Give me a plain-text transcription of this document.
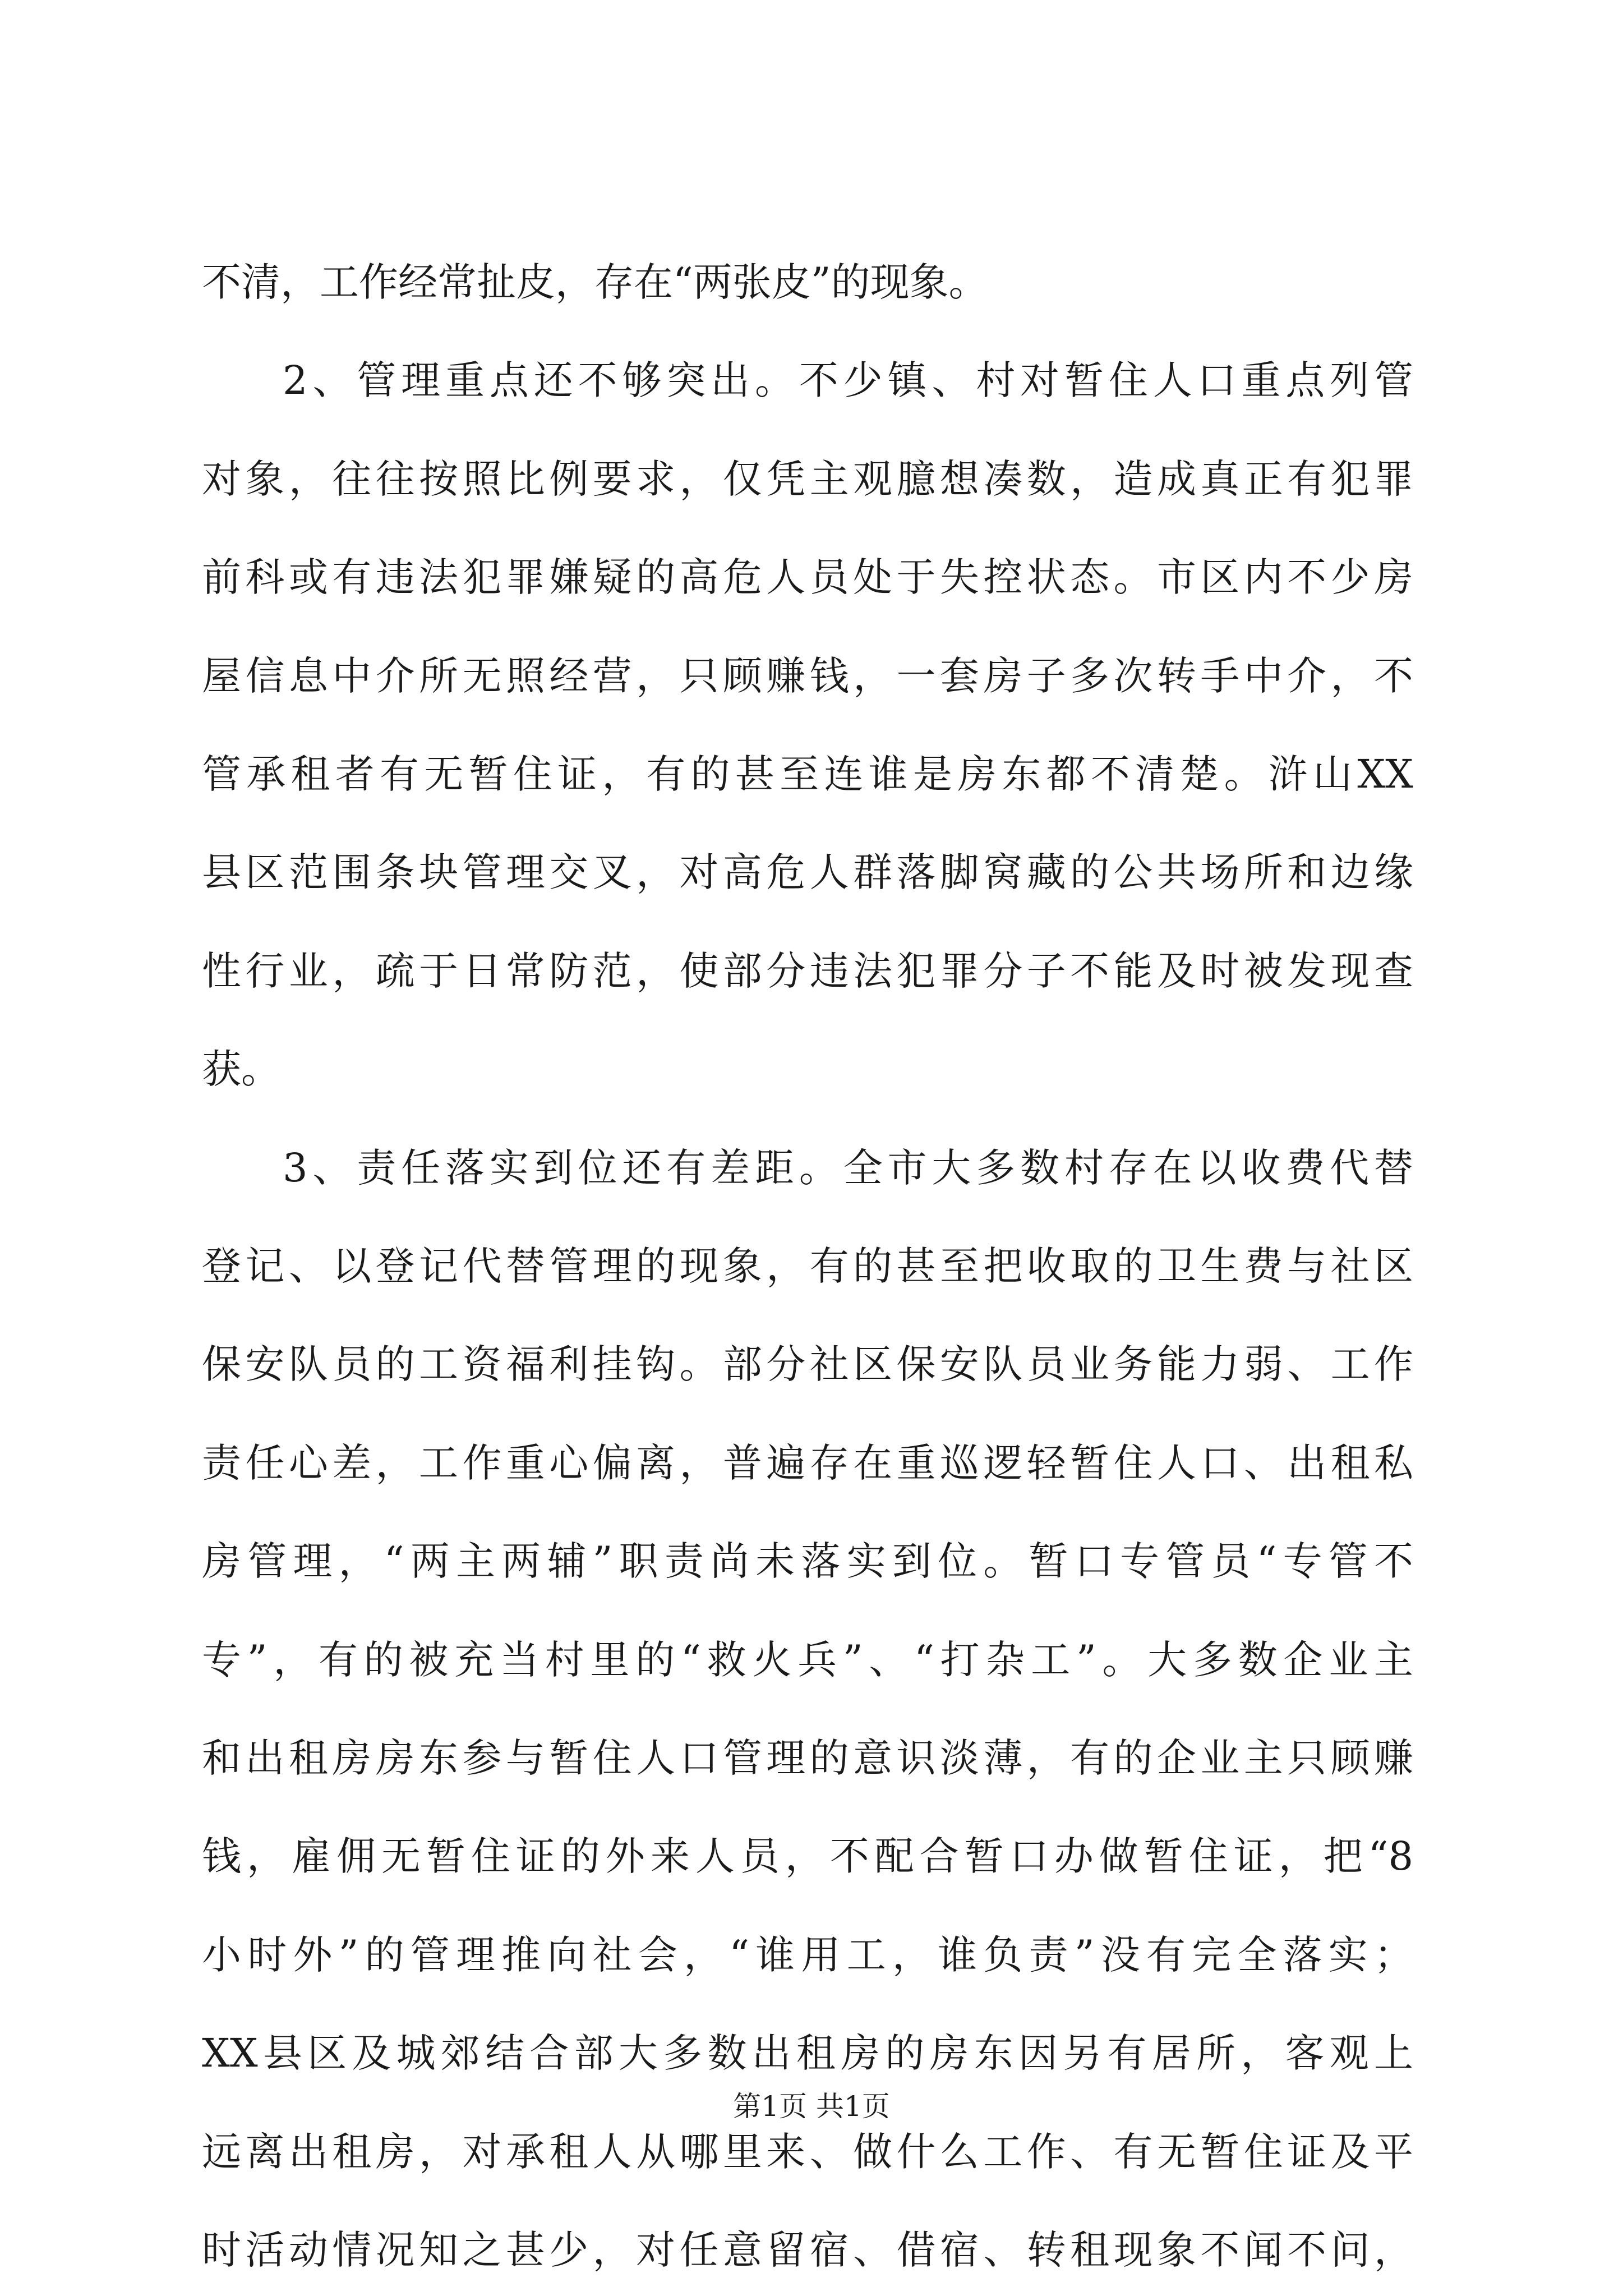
不清，工作经常扯皮，存在“两张皮”的现象。
2、管理重点还不够突出。不少镇、村对暂住人口重点列管
对象，往往按照比例要求，仅凭主观臆想凑数，造成真正有犯罪
前科或有违法犯罪嫌疑的高危人员处于失控状态。市区内不少房
屋信息中介所无照经营，只顾赚钱，一套房子多次转手中介，不
管承租者有无暂住证，有的甚至连谁是房东都不清楚。浒山XX
县区范围条块管理交叉，对高危人群落脚窝藏的公共场所和边缘
性行业，疏于日常防范，使部分违法犯罪分子不能及时被发现查
获。
3、责任落实到位还有差距。全市大多数村存在以收费代替
登记、以登记代替管理的现象，有的甚至把收取的卫生费与社区
保安队员的工资福利挂钩。部分社区保安队员业务能力弱、工作
责任心差，工作重心偏离，普遍存在重巡逻轻暂住人口、出租私
房管理，“两主两辅”职责尚未落实到位。暂口专管员“专管不
专”，有的被充当村里的“救火兵”、“打杂工”。大多数企业主
和出租房房东参与暂住人口管理的意识淡薄，有的企业主只顾赚
钱，雇佣无暂住证的外来人员，不配合暂口办做暂住证，把“8
小时外”的管理推向社会，“谁用工，谁负责”没有完全落实；
XX县区及城郊结合部大多数出租房的房东因另有居所，客观上
远离出租房，对承租人从哪里来、做什么工作、有无暂住证及平
时活动情况知之甚少，对任意留宿、借宿、转租现象不闻不问，
第1页 共1页
